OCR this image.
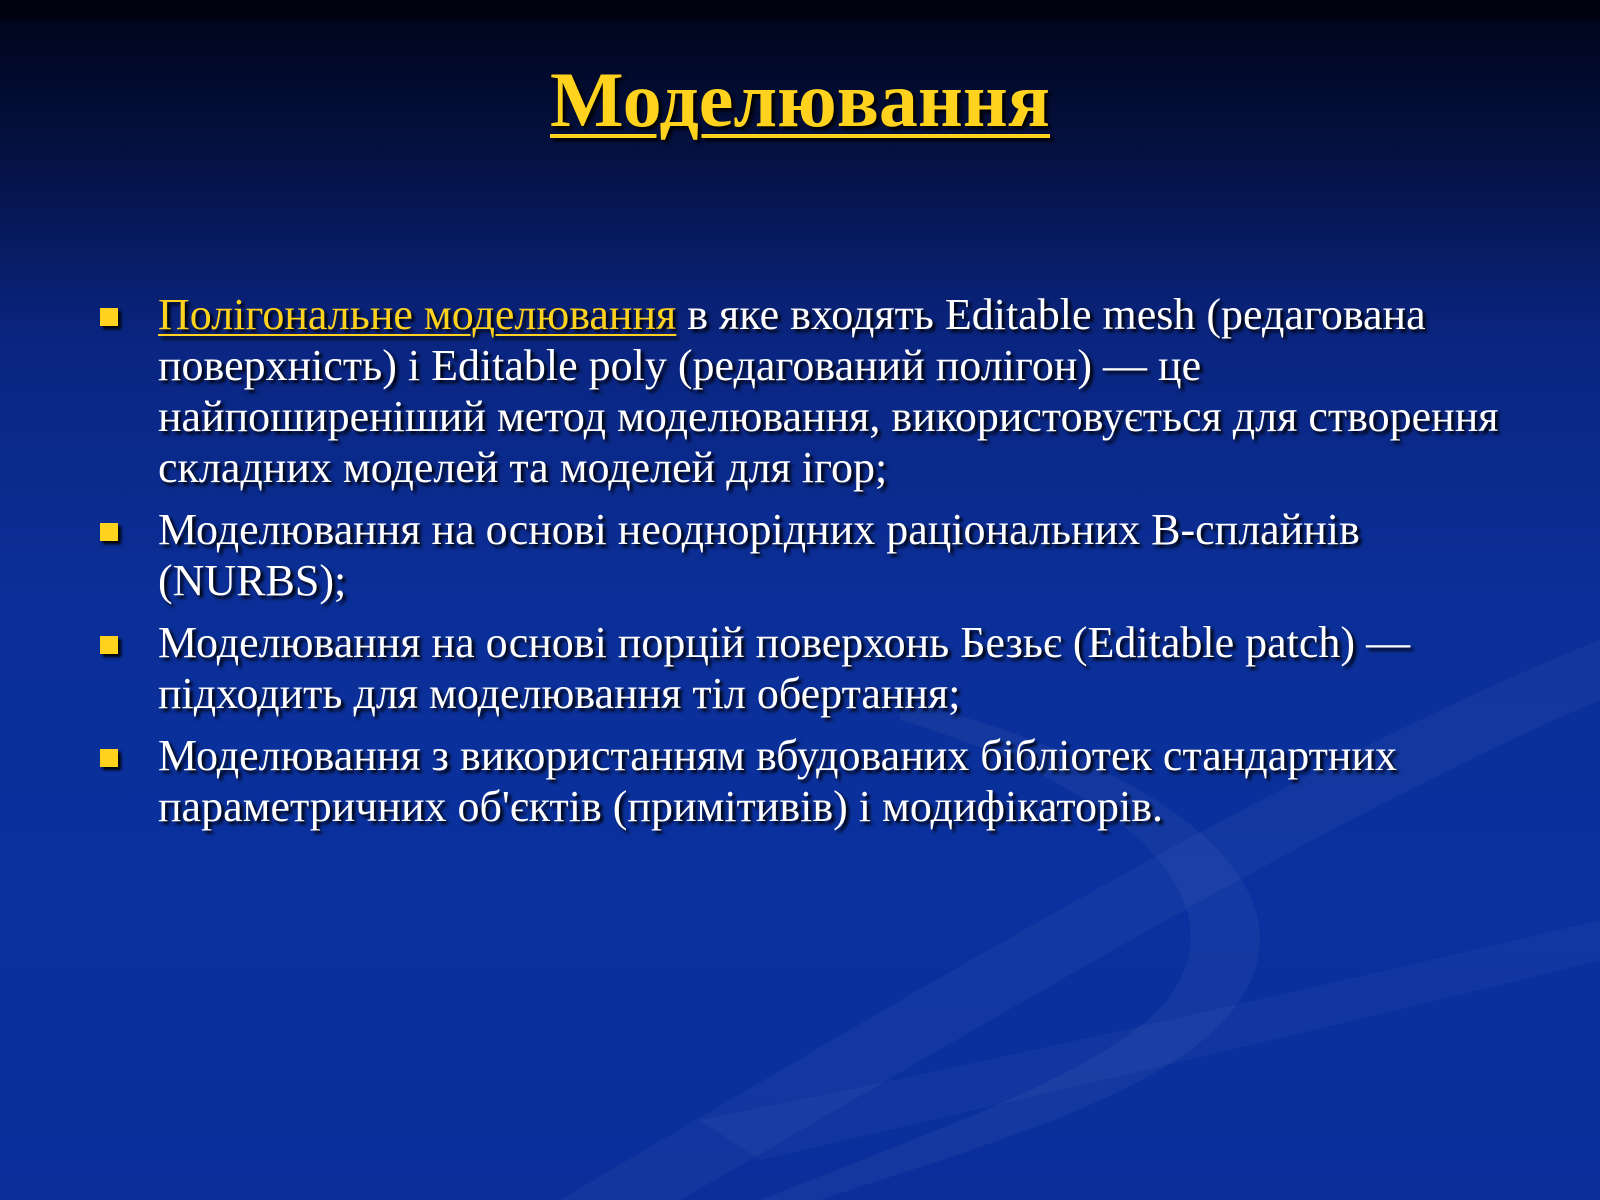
Моделювання
Полігональне моделювання в яке входять Editable mesh (редагована поверхність) і Editable poly (редагований полігон) — це найпоширеніший метод моделювання, використовується для створення складних моделей та моделей для ігор;
Моделювання на основі неоднорідних раціональних B-сплайнів (NURBS);
Моделювання на основі порцій поверхонь Безьє (Editable patch) — підходить для моделювання тіл обертання;
Моделювання з використанням вбудованих бібліотек стандартних параметричних об'єктів (примітивів) і модифікаторів.
